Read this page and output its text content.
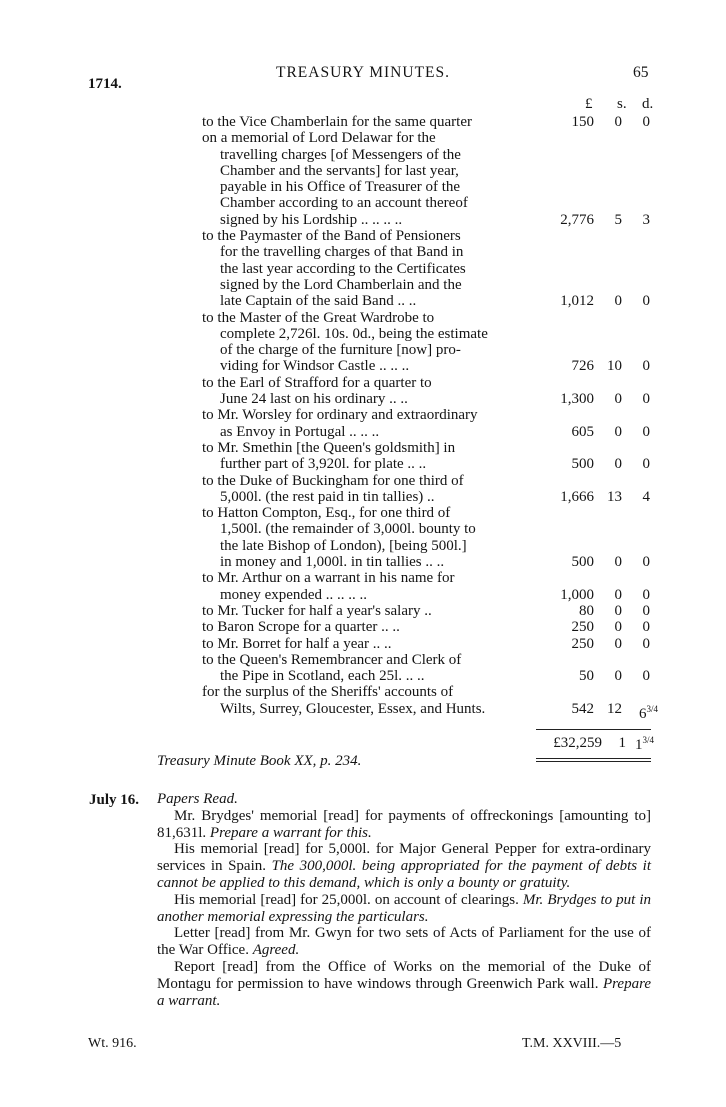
1714.
TREASURY MINUTES.	65
£ s. d.
to the Vice Chamberlain for the same quarter	150 0 0
on a memorial of Lord Delawar for the
travelling charges [of Messengers of the
Chamber and the servants] for last year,
payable in his Office of Treasurer of the
Chamber according to an account thereof
signed by his Lordship .. .. .. ..	2,776 5 3
to the Paymaster of the Band of Pensioners
for the travelling charges of that Band in
the last year according to the Certificates
signed by the Lord Chamberlain and the
late Captain of the said Band .. ..	1,012 0 0
to the Master of the Great Wardrobe to
complete 2,726l. 10s. 0d., being the estimate
of the charge of the furniture [now] pro-
viding for Windsor Castle .. .. ..	726 10 0
to the Earl of Strafford for a quarter to
June 24 last on his ordinary .. ..	1,300 0 0
to Mr. Worsley for ordinary and extraordinary
as Envoy in Portugal .. .. ..	605 0 0
to Mr. Smethin [the Queen's goldsmith] in
further part of 3,920l. for plate .. ..	500 0 0
to the Duke of Buckingham for one third of
5,000l. (the rest paid in tin tallies) ..	1,666 13 4
to Hatton Compton, Esq., for one third of
1,500l. (the remainder of 3,000l. bounty to
the late Bishop of London), [being 500l.]
in money and 1,000l. in tin tallies .. ..	500 0 0
to Mr. Arthur on a warrant in his name for
money expended .. .. .. ..	1,000 0 0
to Mr. Tucker for half a year's salary ..	80 0 0
to Baron Scrope for a quarter .. ..	250 0 0
to Mr. Borret for half a year .. ..	250 0 0
to the Queen's Remembrancer and Clerk of
the Pipe in Scotland, each 25l. .. ..	50 0 0
for the surplus of the Sheriffs' accounts of
Wilts, Surrey, Gloucester, Essex, and Hunts.	542 12 $6^{3/4}$
£32,259 1 $1^{3/4}$
Treasury Minute Book XX, p. 234.
July 16. Papers Read.

Mr. Brydges' memorial [read] for payments of offreckonings [amounting to] 81,631l. Prepare a warrant for this.

His memorial [read] for 5,000l. for Major General Pepper for extra-ordinary services in Spain. The 300,000l. being appropriated for the payment of debts it cannot be applied to this demand, which is only a bounty or gratuity.

His memorial [read] for 25,000l. on account of clearings. Mr. Brydges to put in another memorial expressing the particulars.

Letter [read] from Mr. Gwyn for two sets of Acts of Parliament for the use of the War Office. Agreed.

Report [read] from the Office of Works on the memorial of the Duke of Montagu for permission to have windows through Greenwich Park wall. Prepare a warrant.

Wt. 916.	T.M. XXVIII.—5
